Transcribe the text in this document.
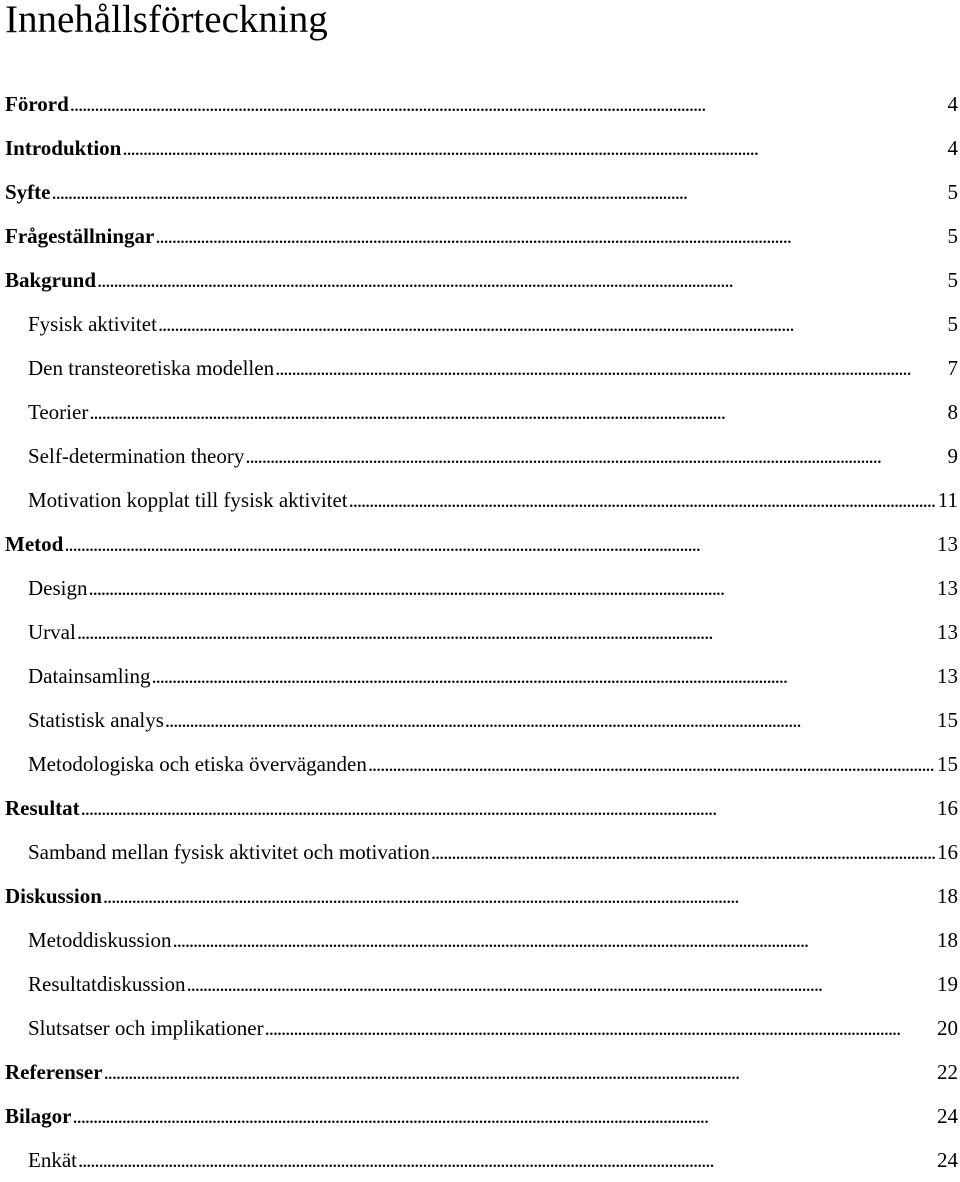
Innehållsförteckning
Förord . . .	4
Introduktion . . .	4
Syfte . . .	5
Frågeställningar . . .	5
Bakgrund . . .	5
Fysisk aktivitet . . .	5
Den transteoretiska modellen . . .	7
Teorier . . .	8
Self-determination theory . . .	9
Motivation kopplat till fysisk aktivitet . . .	11
Metod . . .	13
Design . . .	13
Urval . . .	13
Datainsamling . . .	13
Statistisk analys . . .	15
Metodologiska och etiska överväganden . . .	15
Resultat . . .	16
Samband mellan fysisk aktivitet och motivation . . .	16
Diskussion . . .	18
Metoddiskussion . . .	18
Resultatdiskussion . . .	19
Slutsatser och implikationer . . .	20
Referenser . . .	22
Bilagor . . .	24
Enkät . . .	24
